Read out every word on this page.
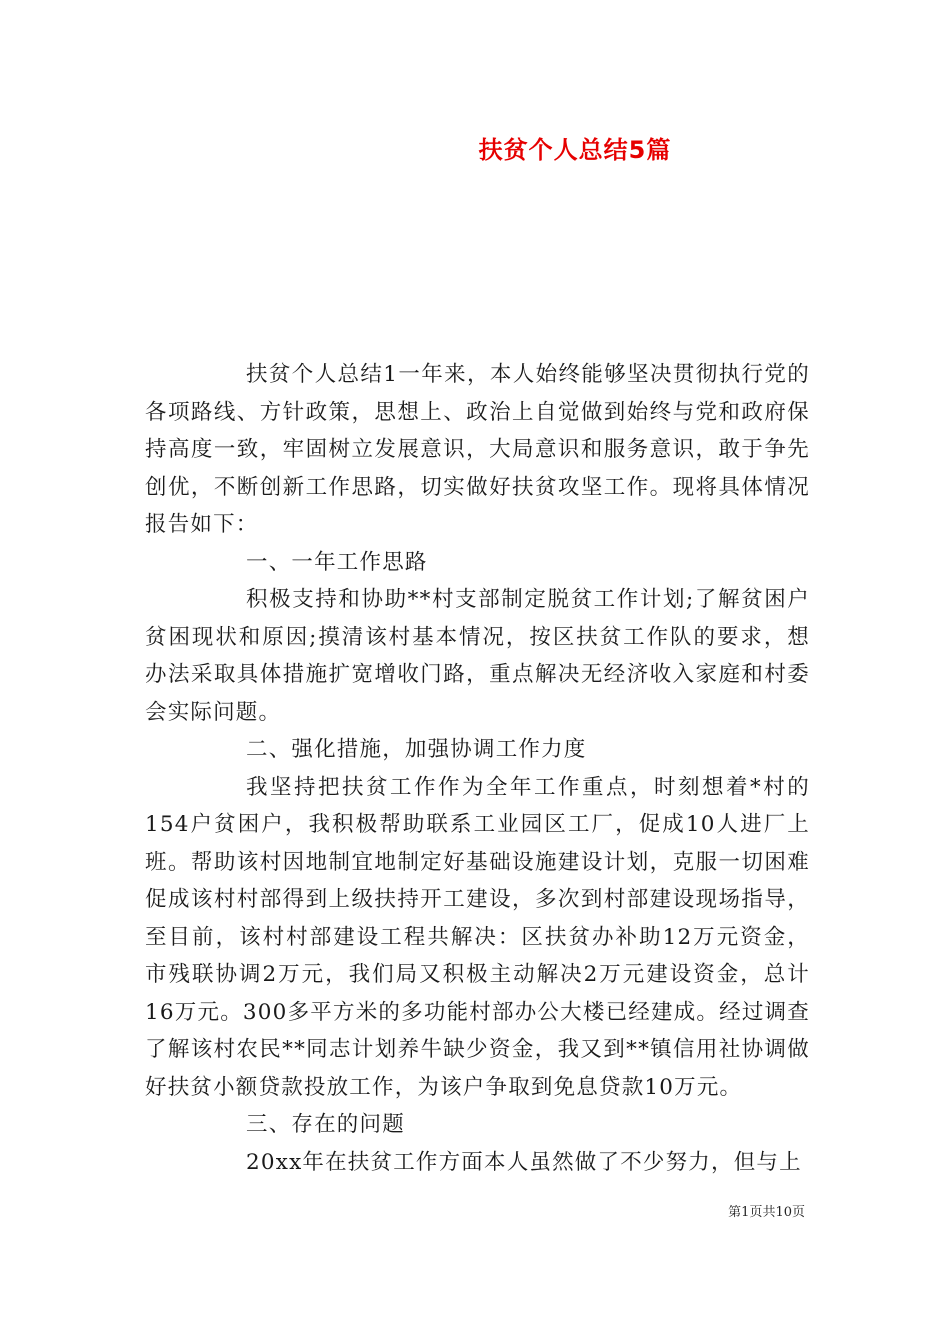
扶贫个人总结5篇

扶贫个人总结1一年来，本人始终能够坚决贯彻执行党的各项路线、方针政策，思想上、政治上自觉做到始终与党和政府保持高度一致，牢固树立发展意识，大局意识和服务意识，敢于争先创优，不断创新工作思路，切实做好扶贫攻坚工作。现将具体情况报告如下：

一、一年工作思路

积极支持和协助**村支部制定脱贫工作计划;了解贫困户贫困现状和原因;摸清该村基本情况，按区扶贫工作队的要求，想办法采取具体措施扩宽增收门路，重点解决无经济收入家庭和村委会实际问题。

二、强化措施，加强协调工作力度

我坚持把扶贫工作作为全年工作重点，时刻想着*村的154户贫困户，我积极帮助联系工业园区工厂，促成10人进厂上班。帮助该村因地制宜地制定好基础设施建设计划，克服一切困难促成该村村部得到上级扶持开工建设，多次到村部建设现场指导，至目前，该村村部建设工程共解决：区扶贫办补助12万元资金，市残联协调2万元，我们局又积极主动解决2万元建设资金，总计16万元。300多平方米的多功能村部办公大楼已经建成。经过调查了解该村农民**同志计划养牛缺少资金，我又到**镇信用社协调做好扶贫小额贷款投放工作，为该户争取到免息贷款10万元。

三、存在的问题

20xx年在扶贫工作方面本人虽然做了不少努力，但与上

第1页共10页
